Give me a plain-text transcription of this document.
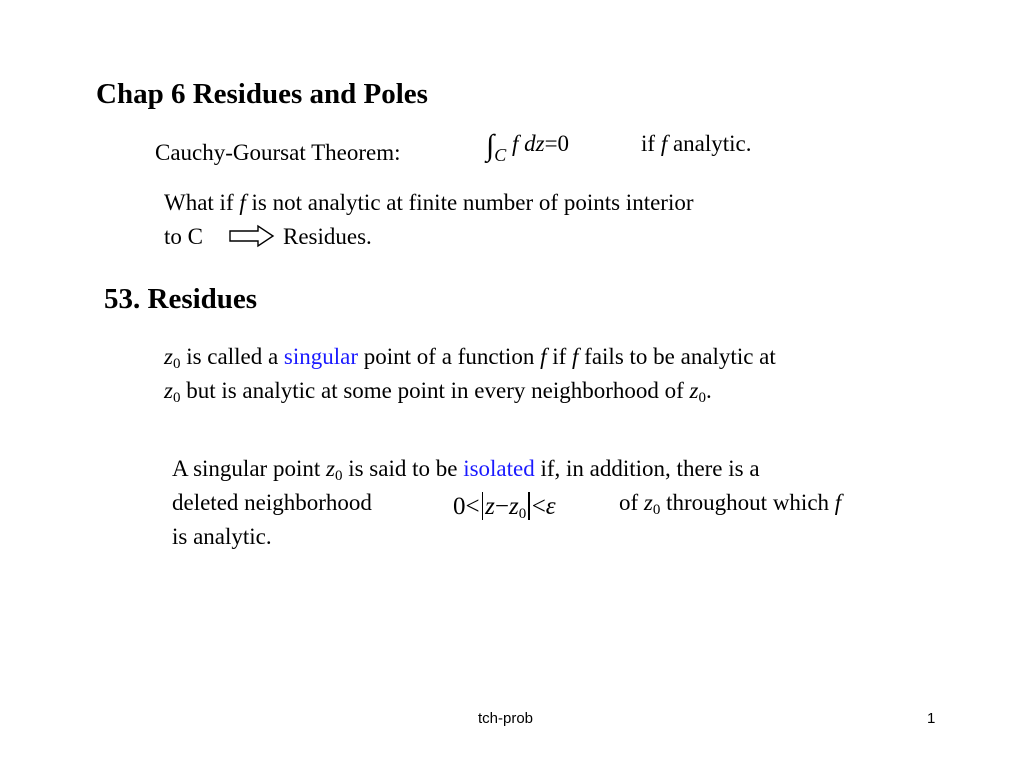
Chap 6 Residues and Poles
Cauchy-Goursat Theorem:	$\int_C$ f dz=0	if f analytic.
What if f is not analytic at finite number of points interior
to C	Residues.
53. Residues
$z_0$ is called a singular point of a function f if f fails to be analytic at
$z_0$ but is analytic at some point in every neighborhood of $z_0$.
A singular point $z_0$ is said to be isolated if, in addition, there is a
deleted neighborhood	$0< z-z_0 <\varepsilon$	of $z_0$ throughout which f
is analytic.
tch-prob	1
